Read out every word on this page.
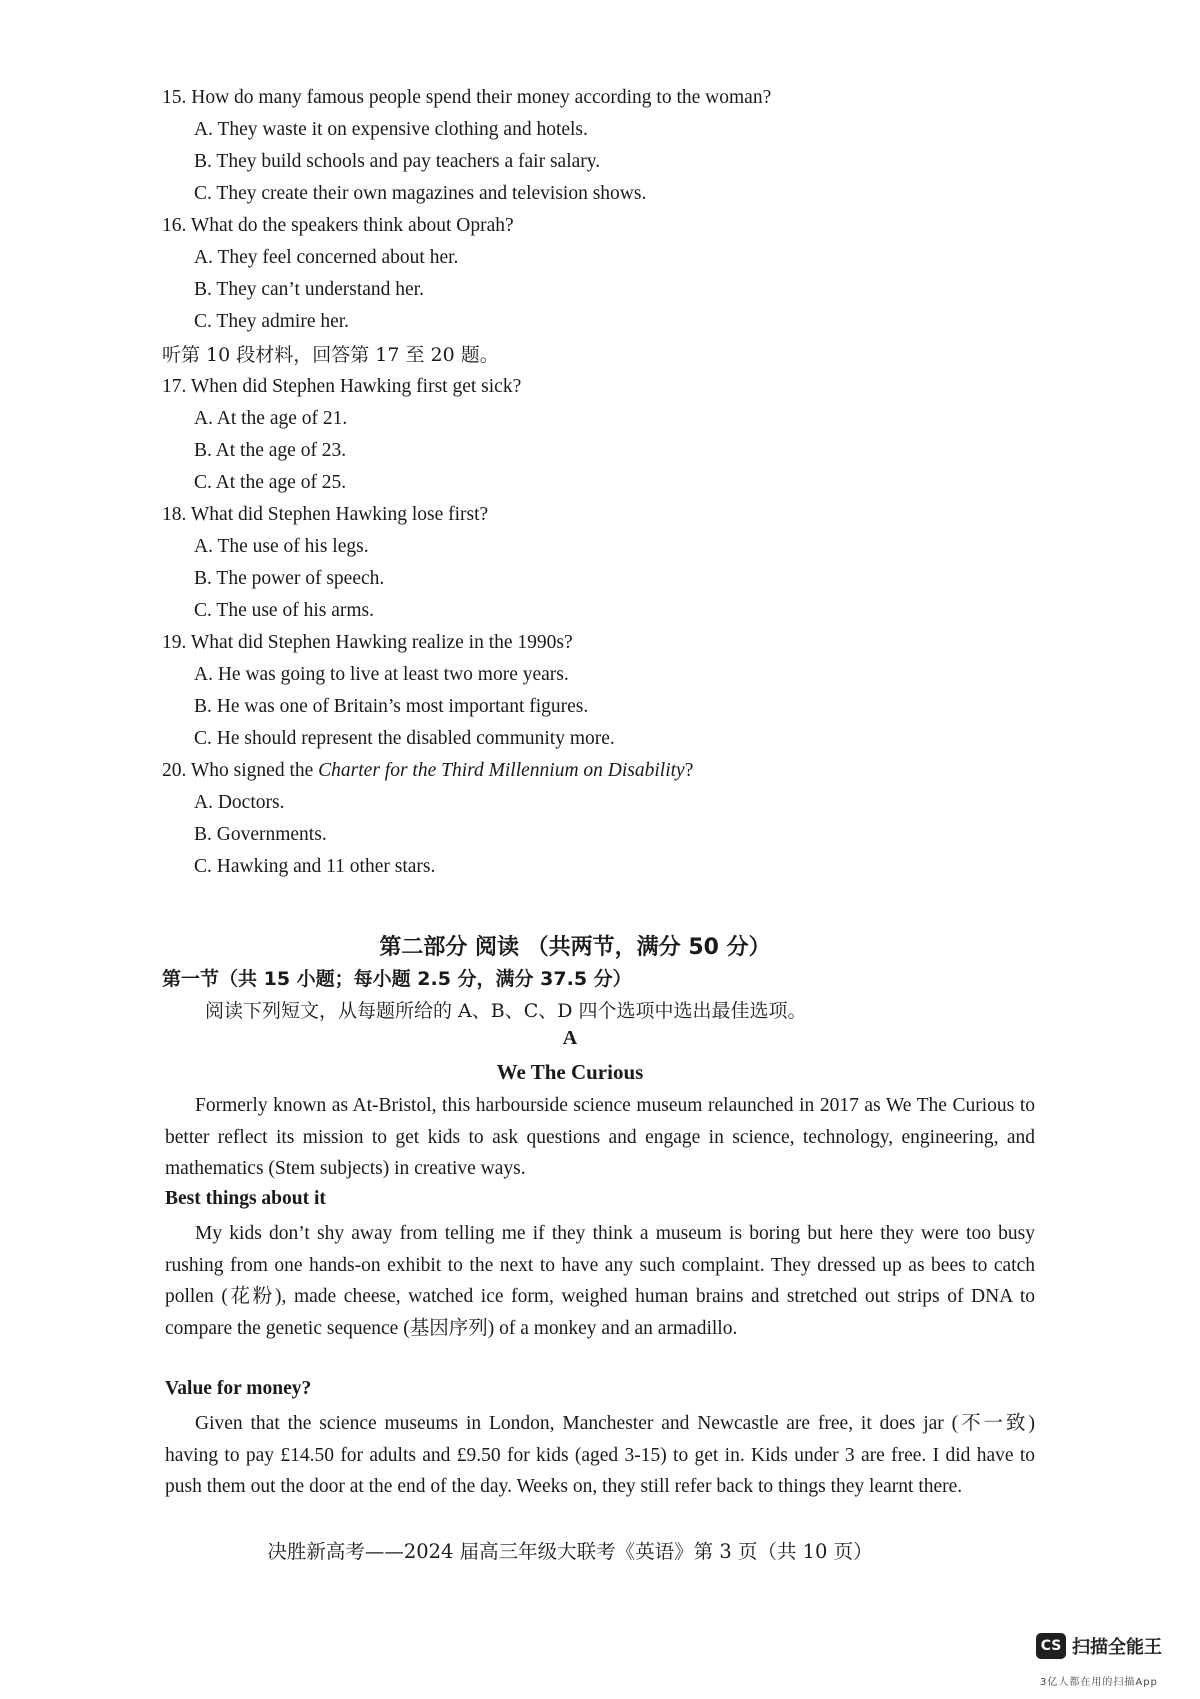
15. How do many famous people spend their money according to the woman?
A. They waste it on expensive clothing and hotels.
B. They build schools and pay teachers a fair salary.
C. They create their own magazines and television shows.
16. What do the speakers think about Oprah?
A. They feel concerned about her.
B. They can’t understand her.
C. They admire her.
听第 10 段材料，回答第 17 至 20 题。
17. When did Stephen Hawking first get sick?
A. At the age of 21.
B. At the age of 23.
C. At the age of 25.
18. What did Stephen Hawking lose first?
A. The use of his legs.
B. The power of speech.
C. The use of his arms.
19. What did Stephen Hawking realize in the 1990s?
A. He was going to live at least two more years.
B. He was one of Britain’s most important figures.
C. He should represent the disabled community more.
20. Who signed the Charter for the Third Millennium on Disability?
A. Doctors.
B. Governments.
C. Hawking and 11 other stars.
第二部分 阅读 （共两节，满分 50 分）
第一节（共 15 小题；每小题 2.5 分，满分 37.5 分）
阅读下列短文，从每题所给的 A、B、C、D 四个选项中选出最佳选项。
A
We The Curious

Formerly known as At-Bristol, this harbourside science museum relaunched in 2017 as We The Curious to better reflect its mission to get kids to ask questions and engage in science, technology, engineering, and mathematics (Stem subjects) in creative ways.

Best things about it

My kids don’t shy away from telling me if they think a museum is boring but here they were too busy rushing from one hands-on exhibit to the next to have any such complaint. They dressed up as bees to catch pollen (花粉), made cheese, watched ice form, weighed human brains and stretched out strips of DNA to compare the genetic sequence (基因序列) of a monkey and an armadillo.

Value for money?

Given that the science museums in London, Manchester and Newcastle are free, it does jar (不一致) having to pay £14.50 for adults and £9.50 for kids (aged 3-15) to get in. Kids under 3 are free. I did have to push them out the door at the end of the day. Weeks on, they still refer back to things they learnt there.

决胜新高考——2024 届高三年级大联考《英语》第 3 页（共 10 页）
CS 扫描全能王
3亿人都在用的扫描App
